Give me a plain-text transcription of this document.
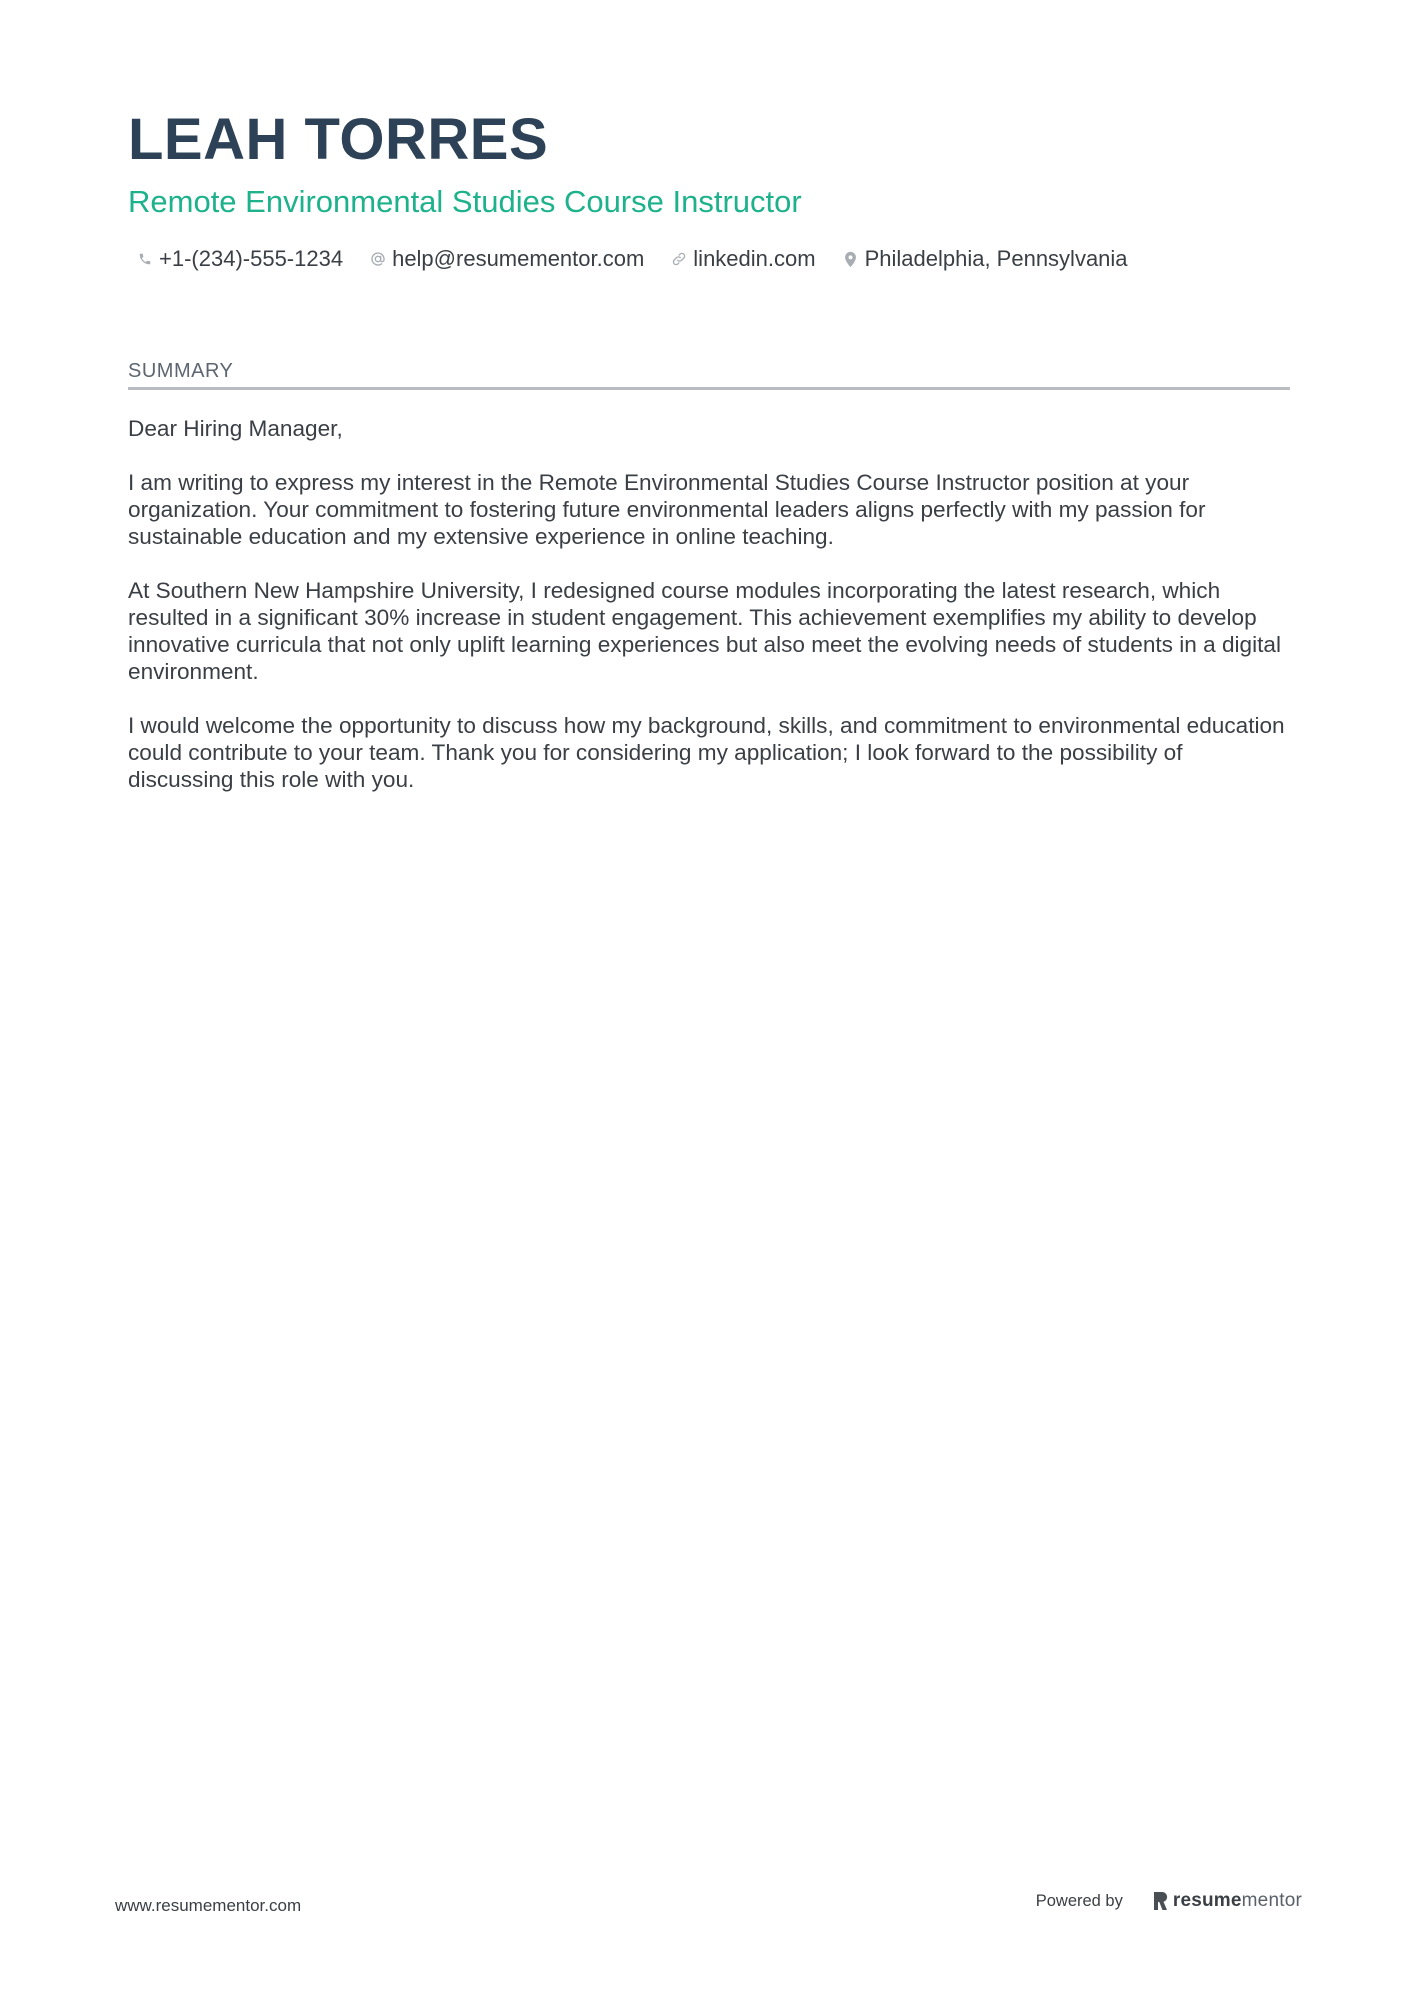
LEAH TORRES
Remote Environmental Studies Course Instructor
+1-(234)-555-1234 help@resumementor.com linkedin.com Philadelphia, Pennsylvania
SUMMARY

Dear Hiring Manager,

I am writing to express my interest in the Remote Environmental Studies Course Instructor position at your organization. Your commitment to fostering future environmental leaders aligns perfectly with my passion for sustainable education and my extensive experience in online teaching.

At Southern New Hampshire University, I redesigned course modules incorporating the latest research, which resulted in a significant 30% increase in student engagement. This achievement exemplifies my ability to develop innovative curricula that not only uplift learning experiences but also meet the evolving needs of students in a digital environment.

I would welcome the opportunity to discuss how my background, skills, and commitment to environmental education could contribute to your team. Thank you for considering my application; I look forward to the possibility of discussing this role with you.

www.resumementor.com	Powered by	resume mentor
